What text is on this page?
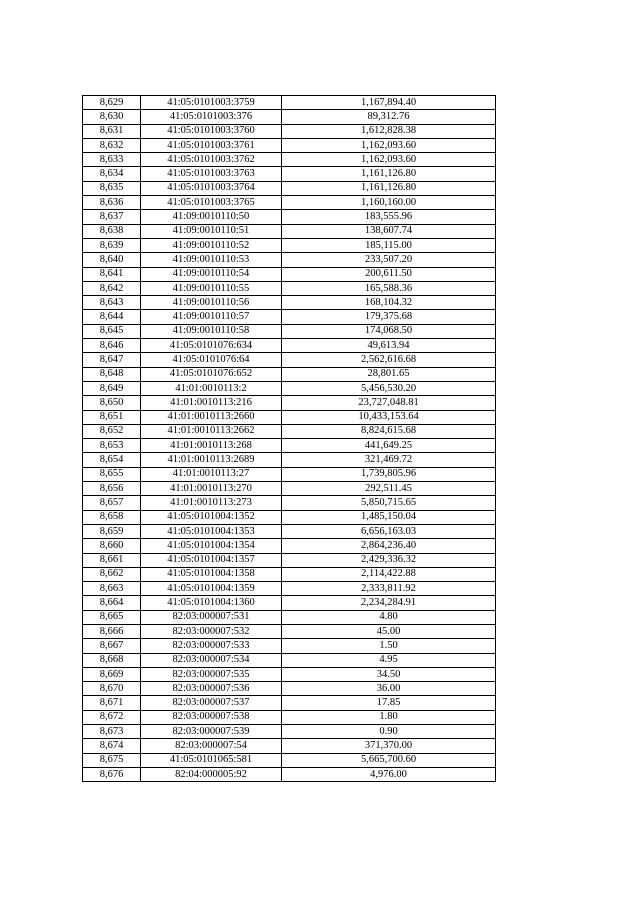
8,629	41:05:0101003:3759	1,167,894.40
8,630	41:05:0101003:376	89,312.76
8,631	41:05:0101003:3760	1,612,828.38
8,632	41:05:0101003:3761	1,162,093.60
8,633	41:05:0101003:3762	1,162,093.60
8,634	41:05:0101003:3763	1,161,126.80
8,635	41:05:0101003:3764	1,161,126.80
8,636	41:05:0101003:3765	1,160,160.00
8,637	41:09:0010110:50	183,555.96
8,638	41:09:0010110:51	138,607.74
8,639	41:09:0010110:52	185,115.00
8,640	41:09:0010110:53	233,507.20
8,641	41:09:0010110:54	200,611.50
8,642	41:09:0010110:55	165,588.36
8,643	41:09:0010110:56	168,104.32
8,644	41:09:0010110:57	179,375.68
8,645	41:09:0010110:58	174,068.50
8,646	41:05:0101076:634	49,613.94
8,647	41:05:0101076:64	2,562,616.68
8,648	41:05:0101076:652	28,801.65
8,649	41:01:0010113:2	5,456,530.20
8,650	41:01:0010113:216	23,727,048.81
8,651	41:01:0010113:2660	10,433,153.64
8,652	41:01:0010113:2662	8,824,615.68
8,653	41:01:0010113:268	441,649.25
8,654	41:01:0010113:2689	321,469.72
8,655	41:01:0010113:27	1,739,805.96
8,656	41:01:0010113:270	292,511.45
8,657	41:01:0010113:273	5,850,715.65
8,658	41:05:0101004:1352	1,485,150.04
8,659	41:05:0101004:1353	6,656,163.03
8,660	41:05:0101004:1354	2,864,236.40
8,661	41:05:0101004:1357	2,429,336.32
8,662	41:05:0101004:1358	2,114,422.88
8,663	41:05:0101004:1359	2,333,811.92
8,664	41:05:0101004:1360	2,234,284.91
8,665	82:03:000007:531	4.80
8,666	82:03:000007:532	45.00
8,667	82:03:000007:533	1.50
8,668	82:03:000007:534	4.95
8,669	82:03:000007:535	34.50
8,670	82:03:000007:536	36.00
8,671	82:03:000007:537	17.85
8,672	82:03:000007:538	1.80
8,673	82:03:000007:539	0.90
8,674	82:03:000007:54	371,370.00
8,675	41:05:0101065:581	5,665,700.60
8,676	82:04:000005:92	4,976.00
